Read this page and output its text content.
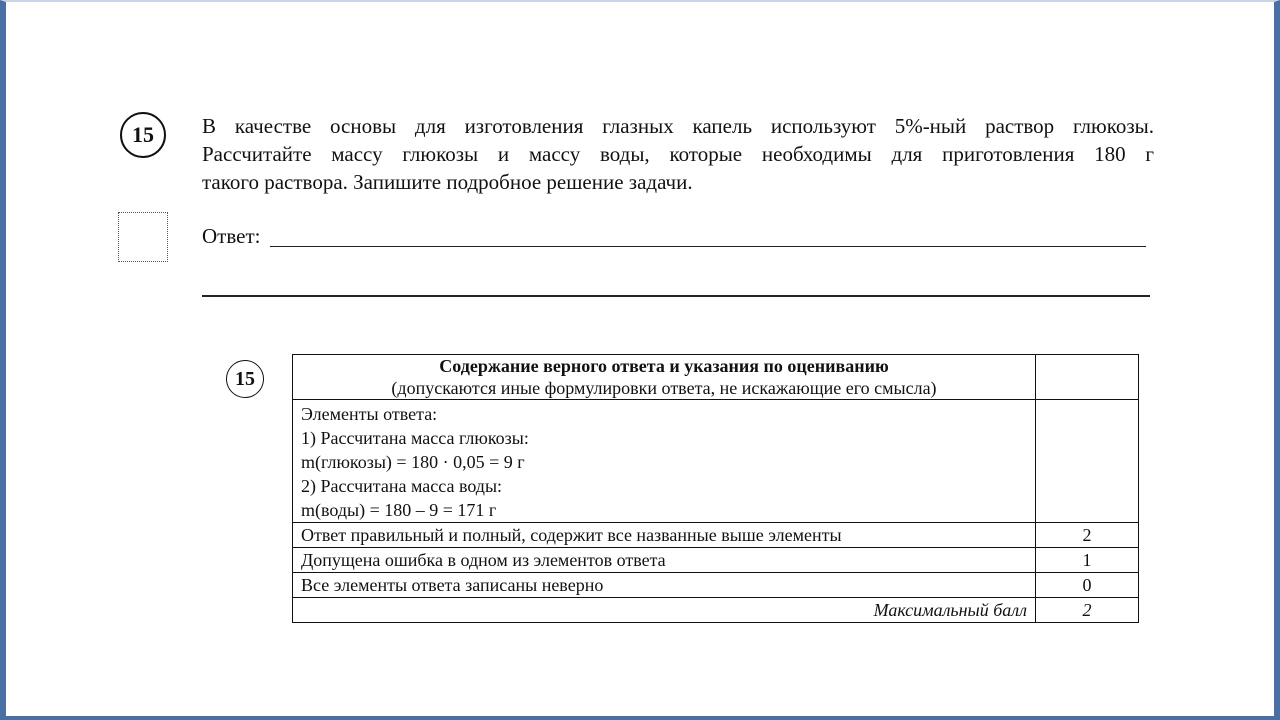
15 В качестве основы для изготовления глазных капель используют 5%-ный раствор глюкозы.
Рассчитайте массу глюкозы и массу воды, которые необходимы для приготовления 180 г
такого раствора. Запишите подробное решение задачи.
Ответ:
15
Содержание верного ответа и указания по оцениванию
(допускаются иные формулировки ответа, не искажающие его смысла)	

Элементы ответа:
1) Рассчитана масса глюкозы:
m(глюкозы) = 180 · 0,05 = 9 г
2) Рассчитана масса воды:
m(воды) = 180 – 9 = 171 г	

Ответ правильный и полный, содержит все названные выше элементы	2
Допущена ошибка в одном из элементов ответа	1
Все элементы ответа записаны неверно	0
Максимальный балл	2
